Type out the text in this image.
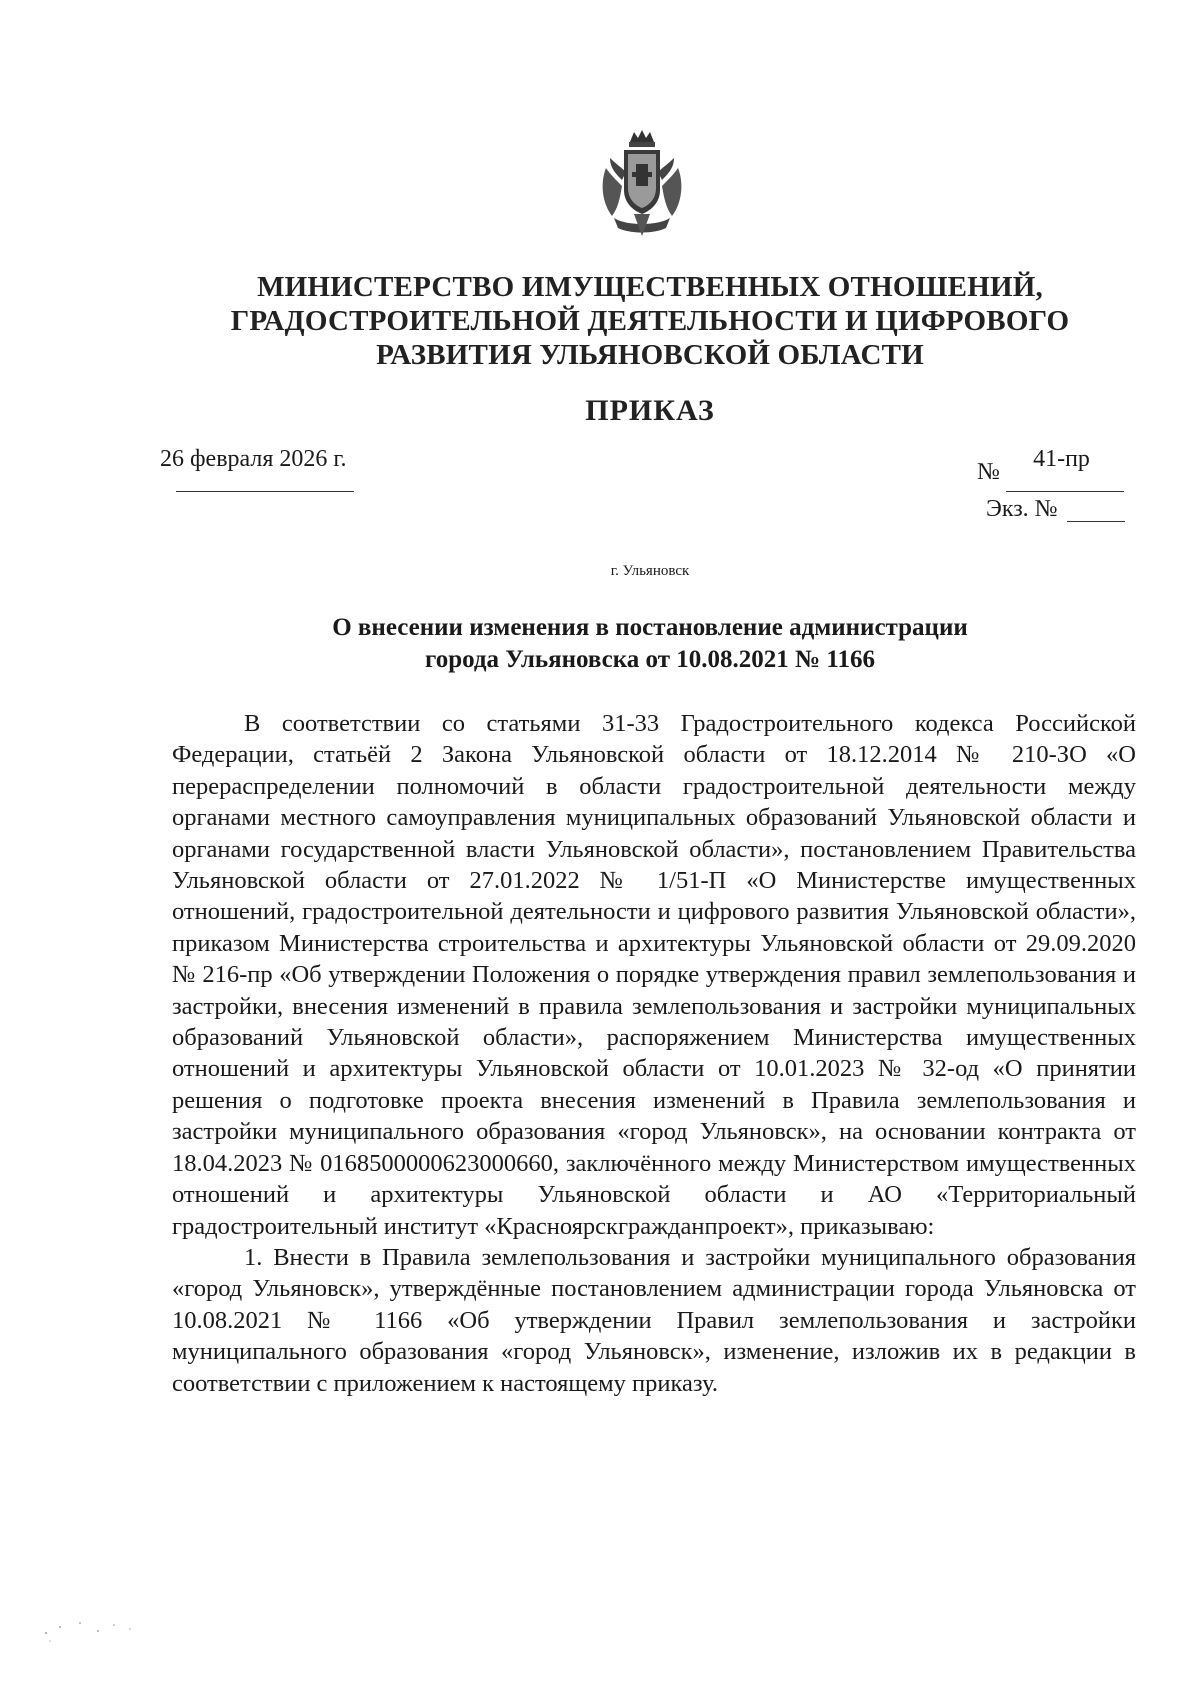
МИНИСТЕРСТВО ИМУЩЕСТВЕННЫХ ОТНОШЕНИЙ,
ГРАДОСТРОИТЕЛЬНОЙ ДЕЯТЕЛЬНОСТИ И ЦИФРОВОГО
РАЗВИТИЯ УЛЬЯНОВСКОЙ ОБЛАСТИ
ПРИКАЗ
26 февраля 2026 г.	№	41-пр
Экз. №
г. Ульяновск
О внесении изменения в постановление администрации
города Ульяновска от 10.08.2021 № 1166

В соответствии со статьями 31-33 Градостроительного кодекса Российской Федерации, статьёй 2 Закона Ульяновской области от 18.12.2014 № 210-ЗО «О перераспределении полномочий в области градостроительной деятельности между органами местного самоуправления муниципальных образований Ульяновской области и органами государственной власти Ульяновской области», постановлением Правительства Ульяновской области от 27.01.2022 № 1/51-П «О Министерстве имущественных отношений, градостроительной деятельности и цифрового развития Ульяновской области», приказом Министерства строительства и архитектуры Ульяновской области от 29.09.2020 № 216-пр «Об утверждении Положения о порядке утверждения правил землепользования и застройки, внесения изменений в правила землепользования и застройки муниципальных образований Ульяновской области», распоряжением Министерства имущественных отношений и архитектуры Ульяновской области от 10.01.2023 № 32-од «О принятии решения о подготовке проекта внесения изменений в Правила землепользования и застройки муниципального образования «город Ульяновск», на основании контракта от 18.04.2023 № 0168500000623000660, заключённого между Министерством имущественных отношений и архитектуры Ульяновской области и АО «Территориальный градостроительный институт «Красноярскгражданпроект», приказываю:

1. Внести в Правила землепользования и застройки муниципального образования «город Ульяновск», утверждённые постановлением администрации города Ульяновска от 10.08.2021 № 1166 «Об утверждении Правил землепользования и застройки муниципального образования «город Ульяновск», изменение, изложив их в редакции в соответствии с приложением к настоящему приказу.
